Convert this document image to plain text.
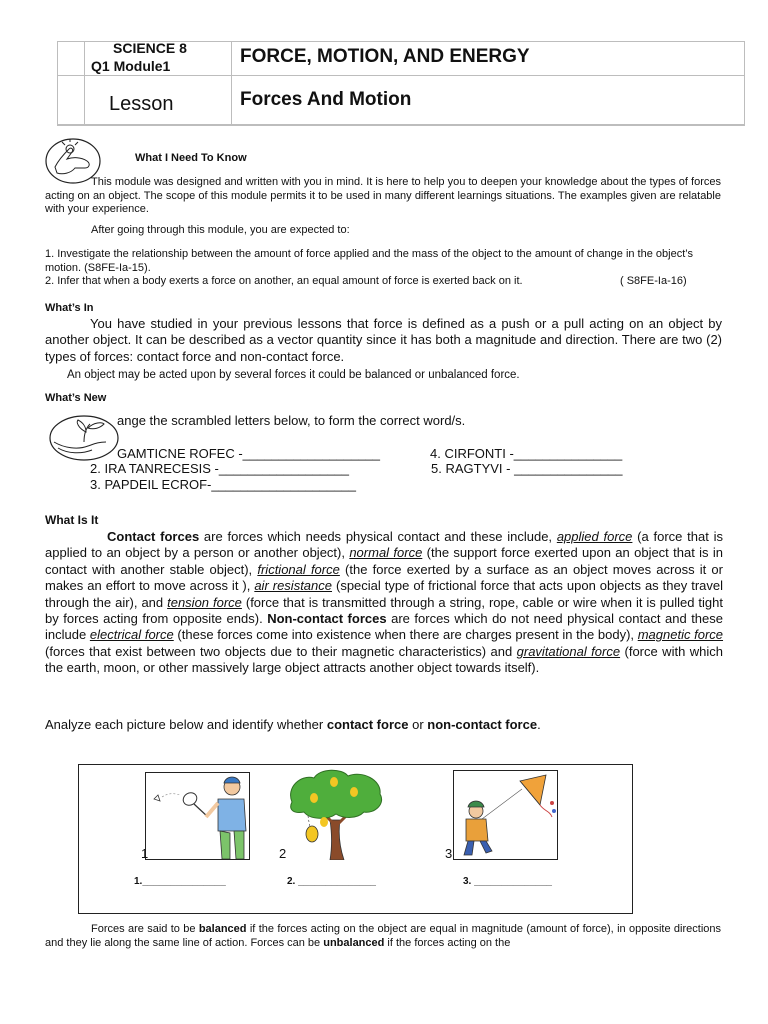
SCIENCE 8
Q1 Module1
Lesson
FORCE, MOTION, AND ENERGY
Forces And Motion
What I Need To Know
This module was designed and written with you in mind. It is here to help you to deepen your knowledge about the types of forces acting on an object. The scope of this module permits it to be used in many different learnings situations. The examples given are relatable with your experience.
After going through this module, you are expected to:
1. Investigate the relationship between the amount of force applied and the mass of the object to the amount of change in the object’s motion. (S8FE-Ia-15).
2. Infer that when a body exerts a force on another, an equal amount of force is exerted back on it.	( S8FE-Ia-16)
What’s In
You have studied in your previous lessons that force is defined as a push or a pull acting on an object by another object. It can be described as a vector quantity since it has both a magnitude and direction. There are two (2) types of forces: contact force and non-contact force.
An object may be acted upon by several forces it could be balanced or unbalanced force.
What’s New
ange the scrambled letters below, to form the correct word/s.
GAMTICNE ROFEC -___________________	4. CIRFONTI -_______________
2. IRA TANRECESIS -__________________	5. RAGTYVI - _______________
3. PAPDEIL ECROF-____________________
What Is It
Contact forces are forces which needs physical contact and these include, applied force (a force that is applied to an object by a person or another object), normal force (the support force exerted upon an object that is in contact with another stable object), frictional force (the force exerted by a surface as an object moves across it or makes an effort to move across it ), air resistance (special type of frictional force that acts upon objects as they travel through the air), and tension force (force that is transmitted through a string, rope, cable or wire when it is pulled tight by forces acting from opposite ends). Non-contact forces are forces which do not need physical contact and these include electrical force (these forces come into existence when there are charges present in the body), magnetic force (forces that exist between two objects due to their magnetic characteristics) and gravitational force (force with which the earth, moon, or other massively large object attracts another object towards itself).
Analyze each picture below and identify whether contact force or non-contact force.
1	2	3
1._______________	2. ______________	3. ______________
Forces are said to be balanced if the forces acting on the object are equal in magnitude (amount of force), in opposite directions and they lie along the same line of action. Forces can be unbalanced if the forces acting on the
